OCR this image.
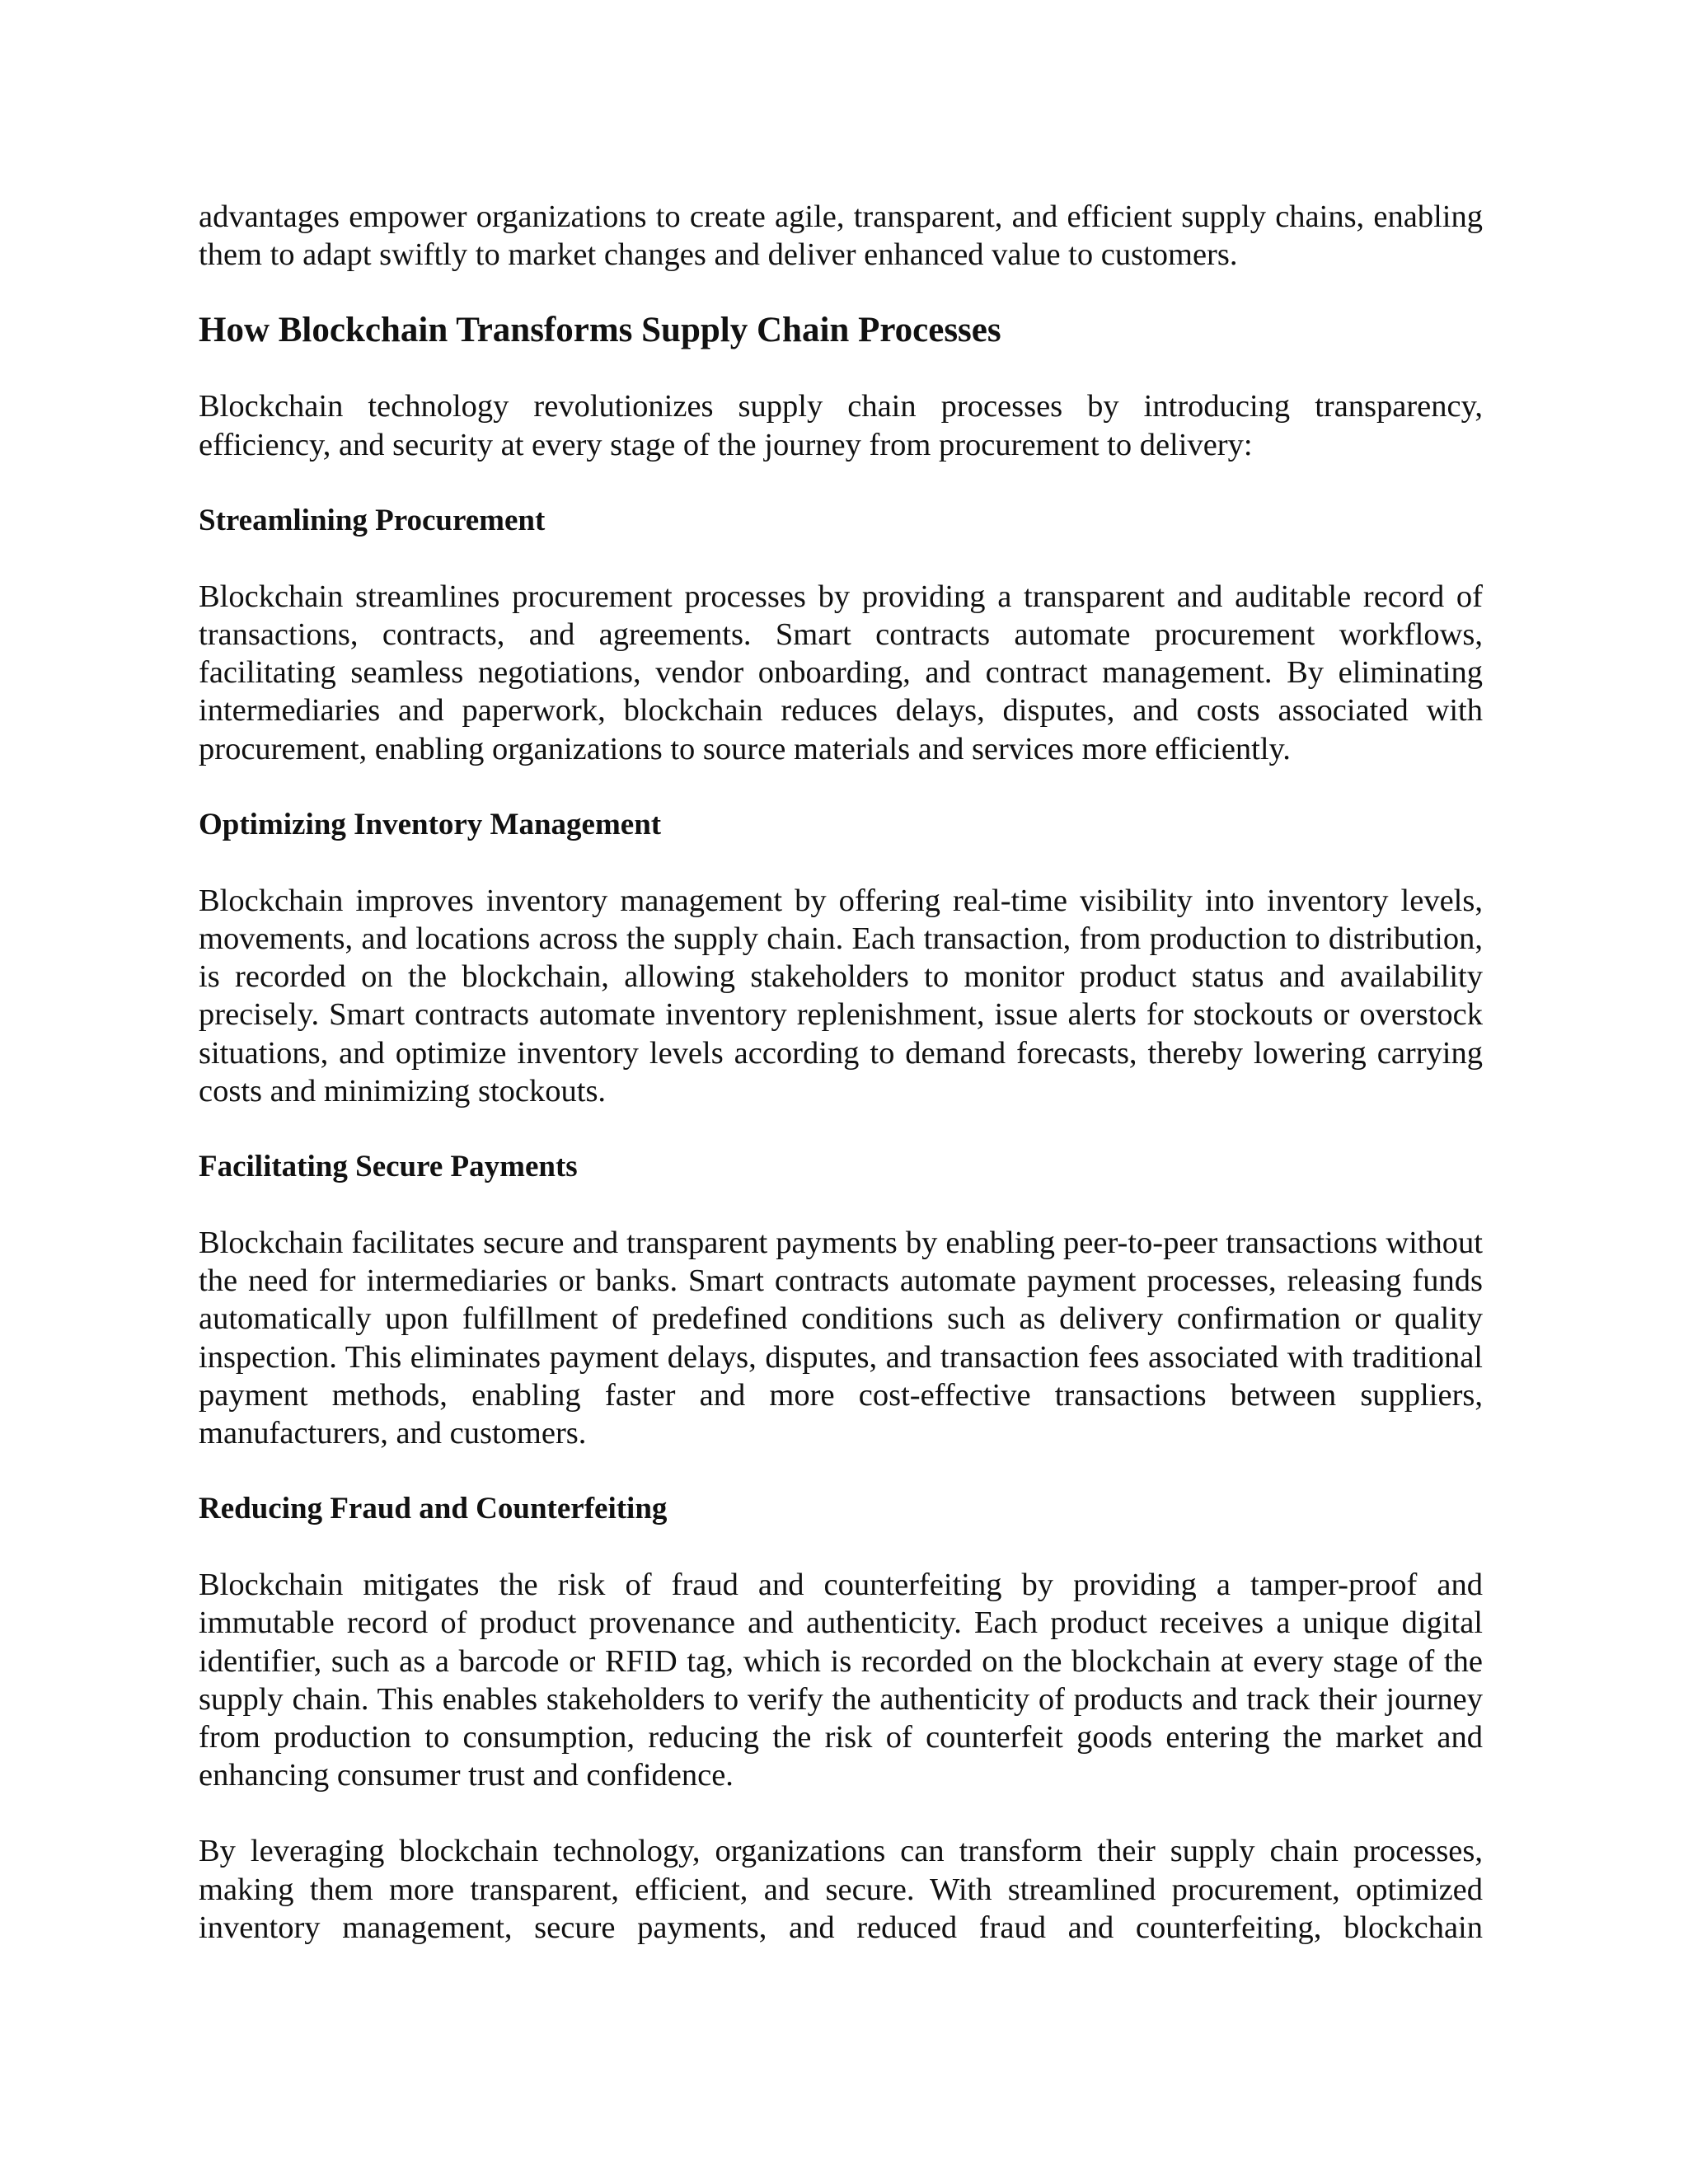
advantages empower organizations to create agile, transparent, and efficient supply chains, enabling them to adapt swiftly to market changes and deliver enhanced value to customers.

How Blockchain Transforms Supply Chain Processes

Blockchain technology revolutionizes supply chain processes by introducing transparency, efficiency, and security at every stage of the journey from procurement to delivery:

Streamlining Procurement

Blockchain streamlines procurement processes by providing a transparent and auditable record of transactions, contracts, and agreements. Smart contracts automate procurement workflows, facilitating seamless negotiations, vendor onboarding, and contract management. By eliminating intermediaries and paperwork, blockchain reduces delays, disputes, and costs associated with procurement, enabling organizations to source materials and services more efficiently.

Optimizing Inventory Management

Blockchain improves inventory management by offering real-time visibility into inventory levels, movements, and locations across the supply chain. Each transaction, from production to distribution, is recorded on the blockchain, allowing stakeholders to monitor product status and availability precisely. Smart contracts automate inventory replenishment, issue alerts for stockouts or overstock situations, and optimize inventory levels according to demand forecasts, thereby lowering carrying costs and minimizing stockouts.

Facilitating Secure Payments

Blockchain facilitates secure and transparent payments by enabling peer-to-peer transactions without the need for intermediaries or banks. Smart contracts automate payment processes, releasing funds automatically upon fulfillment of predefined conditions such as delivery confirmation or quality inspection. This eliminates payment delays, disputes, and transaction fees associated with traditional payment methods, enabling faster and more cost-effective transactions between suppliers, manufacturers, and customers.

Reducing Fraud and Counterfeiting

Blockchain mitigates the risk of fraud and counterfeiting by providing a tamper-proof and immutable record of product provenance and authenticity. Each product receives a unique digital identifier, such as a barcode or RFID tag, which is recorded on the blockchain at every stage of the supply chain. This enables stakeholders to verify the authenticity of products and track their journey from production to consumption, reducing the risk of counterfeit goods entering the market and enhancing consumer trust and confidence.

By leveraging blockchain technology, organizations can transform their supply chain processes, making them more transparent, efficient, and secure. With streamlined procurement, optimized inventory management, secure payments, and reduced fraud and counterfeiting, blockchain
